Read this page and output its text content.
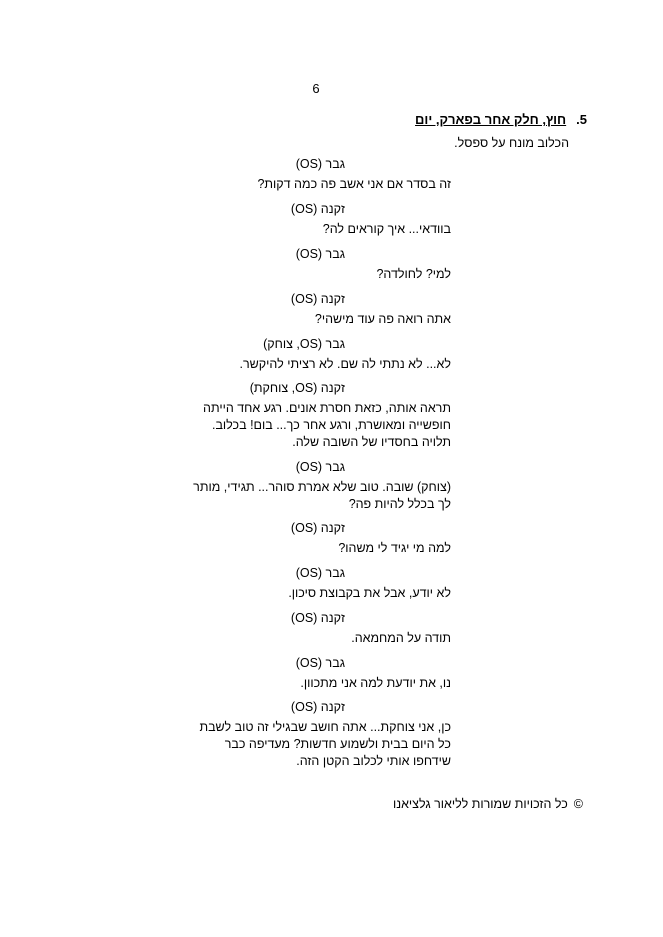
6
5.חוץ, חלק אחר בפארק, יום
הכלוב מונח על ספסל.
גבר (OS)
זה בסדר אם אני אשב פה כמה דקות?
זקנה (OS)
בוודאי... איך קוראים לה?
גבר (OS)
למי? לחולדה?
זקנה (OS)
אתה רואה פה עוד מישהי?
גבר (OS, צוחק)
לא... לא נתתי לה שם. לא רציתי להיקשר.
זקנה (OS, צוחקת)
תראה אותה, כזאת חסרת אונים. רגע אחד הייתה
חופשייה ומאושרת, ורגע אחר כך... בום! בכלוב.
תלויה בחסדיו של השובה שלה.
גבר (OS)
(צוחק) שובה. טוב שלא אמרת סוהר... תגידי, מותר
לך בכלל להיות פה?
זקנה (OS)
למה מי יגיד לי משהו?
גבר (OS)
לא יודע, אבל את בקבוצת סיכון.
זקנה (OS)
תודה על המחמאה.
גבר (OS)
נו, את יודעת למה אני מתכוון.
זקנה (OS)
כן, אני צוחקת... אתה חושב שבגילי זה טוב לשבת
כל היום בבית ולשמוע חדשות? מעדיפה כבר
שידחפו אותי לכלוב הקטן הזה.
©כל הזכויות שמורות לליאור גלציאנו
